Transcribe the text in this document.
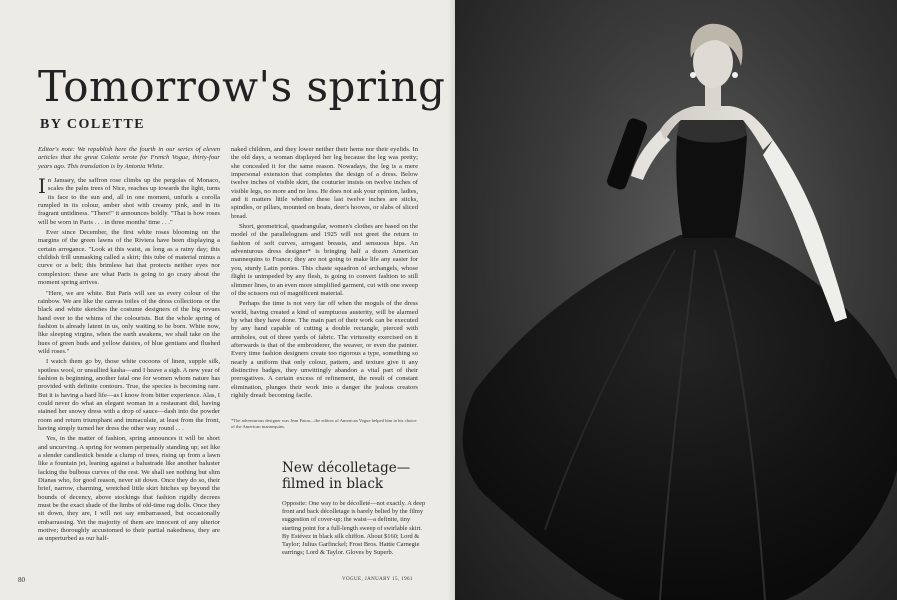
Tomorrow's spring
BY COLETTE

Editor's note: We republish here the fourth in our series of eleven articles that the great Colette wrote for French Vogue, thirty-four years ago. This translation is by Antonia White.

In January, the saffron rose climbs up the pergolas of Monaco, scales the palm trees of Nice, reaches up towards the light, turns its face to the sun and, all in one moment, unfurls a corolla rumpled in its colour, amber shot with creamy pink, and in its fragrant untidiness. "There!" it announces boldly. "That is how roses will be worn in Paris . . . in three months' time . . ."

Ever since December, the first white roses blooming on the margins of the green lawns of the Riviera have been displaying a certain arrogance. "Look at this waist, as long as a rainy day; this childish frill unmasking called a skirt; this tube of material minus a curve or a belt; this brimless hat that protects neither eyes nor complexion: these are what Paris is going to go crazy about the moment spring arrives.

"Here, we are white. But Paris will see us every colour of the rainbow. We are like the canvas toiles of the dress collections or the black and white sketches the costume designers of the big revues hand over to the whims of the colourists. But the whole spring of fashion is already latent in us, only waiting to be born. White now, like sleeping virgins, when the earth awakens, we shall take on the hues of green buds and yellow daisies, of blue gentians and flushed wild roses."

I watch them go by, those white cocoons of linen, supple silk, spotless wool, or unsullied kasha—and I heave a sigh. A new year of fashion is beginning, another fatal one for women whom nature has provided with definite contours. True, the species is becoming rare. But it is having a hard life—as I know from bitter experience. Alas, I could never do what an elegant woman in a restaurant did, having stained her snowy dress with a drop of sauce—dash into the powder room and return triumphant and immaculate, at least from the front, having simply turned her dress the other way round . . .

Yes, in the matter of fashion, spring announces it will be short and uncurving. A spring for women perpetually standing up; set like a slender candlestick beside a clump of trees, rising up from a lawn like a fountain jet, leaning against a balustrade like another baluster lacking the bulbous curves of the rest. We shall see nothing but slim Dianas who, for good reason, never sit down. Once they do so, their brief, narrow, charming, wretched little skirt hitches up beyond the bounds of decency, above stockings that fashion rigidly decrees must be the exact shade of the limbs of old-time rag dolls. Once they sit down, they are, I will not say embarrassed, but occasionally embarrassing. Yet the majority of them are innocent of any ulterior motive; thoroughly accustomed to their partial nakedness, they are as unperturbed as our half-

naked children, and they lower neither their hems nor their eyelids. In the old days, a woman displayed her leg because the leg was pretty; she concealed it for the same reason. Nowadays, the leg is a mere impersonal extension that completes the design of a dress. Below twelve inches of visible skirt, the couturier insists on twelve inches of visible legs, no more and no less. He does not ask your opinion, ladies, and it matters little whether these last twelve inches are sticks, spindles, or pillars, mounted on boats, deer's hooves, or slabs of sliced bread.

Short, geometrical, quadrangular, women's clothes are based on the model of the parallelogram and 1925 will not greet the return to fashion of soft curves, arrogant breasts, and sensuous hips. An adventurous dress designer* is bringing half a dozen American mannequins to France; they are not going to make life any easier for you, sturdy Latin ponies. This chaste squadron of archangels, whose flight is unimpeded by any flesh, is going to convert fashion to still slimmer lines, to an even more simplified garment, cut with one sweep of the scissors out of magnificent material.

Perhaps the time is not very far off when the moguls of the dress world, having created a kind of sumptuous austerity, will be alarmed by what they have done. The main part of their work can be executed by any hand capable of cutting a double rectangle, pierced with armholes, out of three yards of fabric. The virtuosity exercised on it afterwards is that of the embroiderer, the weaver, or even the painter. Every time fashion designers create too rigorous a type, something so nearly a uniform that only colour, pattern, and texture give it any distinctive badges, they unwittingly abandon a vital part of their prerogatives. A certain excess of refinement, the result of constant elimination, plunges their work into a danger the jealous creators rightly dread: becoming facile.

*The adventurous designer was Jean Patou—the editors of American Vogue helped him in his choice of the American mannequins.
New décolletage—
filmed in black
Opposite: One way to be décolleté—not exactly. A deep front and back décolletage is barely belied by the filmy suggestion of cover-up; the waist—a definite, tiny starting point for a full-length sweep of swirlable skirt. By Estévez in black silk chiffon. About $160; Lord & Taylor; Julius Garfinckel; Frost Bros. Hattie Carnegie earrings; Lord & Taylor. Gloves by Superb.
80	VOGUE, JANUARY 15, 1961
